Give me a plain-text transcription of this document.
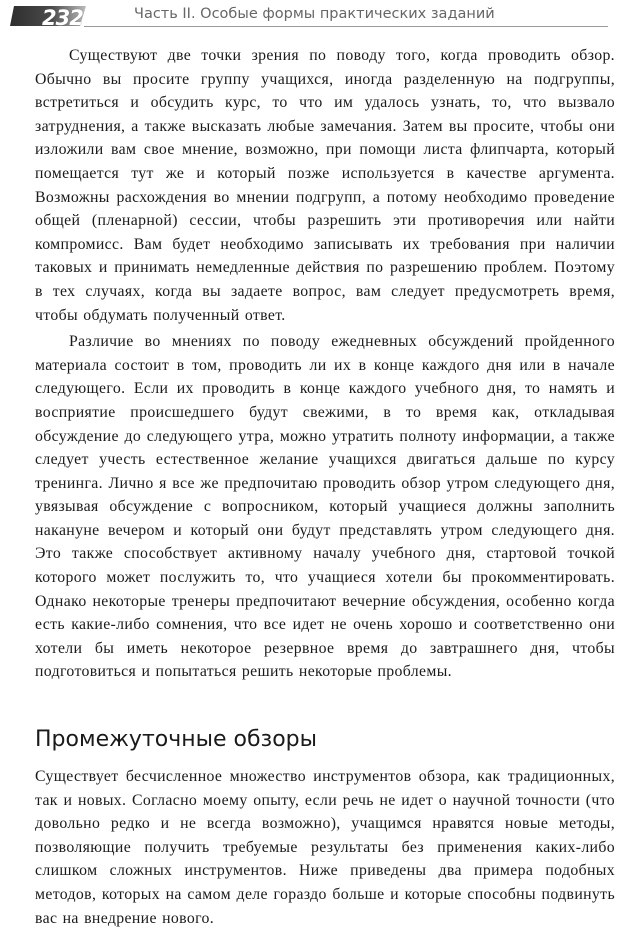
232	Часть II. Особые формы практических заданий

Существуют две точки зрения по поводу того, когда проводить обзор. Обычно вы просите группу учащихся, иногда разделенную на подгруппы, встретиться и обсудить курс, то что им удалось узнать, то, что вызвало затруднения, а также высказать любые замечания. Затем вы просите, чтобы они изложили вам свое мнение, возможно, при помощи листа флипчарта, который помещается тут же и который позже используется в качестве аргумента. Возможны расхождения во мнении подгрупп, а потому необходимо проведение общей (пленарной) сессии, чтобы разрешить эти противоречия или найти компромисс. Вам будет необходимо записывать их требования при наличии таковых и принимать немедленные действия по разрешению проблем. Поэтому в тех случаях, когда вы задаете вопрос, вам следует предусмотреть время, чтобы обдумать полученный ответ.

Различие во мнениях по поводу ежедневных обсуждений пройденного материала состоит в том, проводить ли их в конце каждого дня или в начале следующего. Если их проводить в конце каждого учебного дня, то намять и восприятие происшедшего будут свежими, в то время как, откладывая обсуждение до следующего утра, можно утратить полноту информации, а также следует учесть естественное желание учащихся двигаться дальше по курсу тренинга. Лично я все же предпочитаю проводить обзор утром следующего дня, увязывая обсуждение с вопросником, который учащиеся должны заполнить накануне вечером и который они будут представлять утром следующего дня. Это также способствует активному началу учебного дня, стартовой точкой которого может послужить то, что учащиеся хотели бы прокомментировать. Однако некоторые тренеры предпочитают вечерние обсуждения, особенно когда есть какие-либо сомнения, что все идет не очень хорошо и соответственно они хотели бы иметь некоторое резервное время до завтрашнего дня, чтобы подготовиться и попытаться решить некоторые проблемы.

Промежуточные обзоры

Существует бесчисленное множество инструментов обзора, как традиционных, так и новых. Согласно моему опыту, если речь не идет о научной точности (что довольно редко и не всегда возможно), учащимся нравятся новые методы, позволяющие получить требуемые результаты без применения каких-либо слишком сложных инструментов. Ниже приведены два примера подобных методов, которых на самом деле гораздо больше и которые способны подвинуть вас на внедрение нового.
